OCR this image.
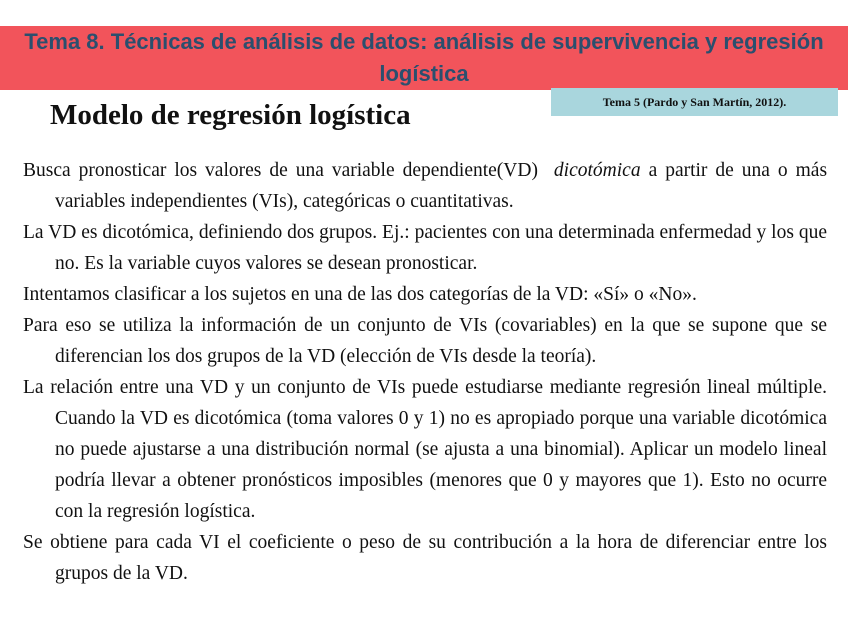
Tema 8. Técnicas de análisis de datos: análisis de supervivencia y regresión logística
Tema 5 (Pardo y San Martín, 2012).
Modelo de regresión logística

Busca pronosticar los valores de una variable dependiente(VD) dicotómica a partir de una o más variables independientes (VIs), categóricas o cuantitativas.

La VD es dicotómica, definiendo dos grupos. Ej.: pacientes con una determinada enfermedad y los que no. Es la variable cuyos valores se desean pronosticar.

Intentamos clasificar a los sujetos en una de las dos categorías de la VD: «Sí» o «No».

Para eso se utiliza la información de un conjunto de VIs (covariables) en la que se supone que se diferencian los dos grupos de la VD (elección de VIs desde la teoría).

La relación entre una VD y un conjunto de VIs puede estudiarse mediante regresión lineal múltiple. Cuando la VD es dicotómica (toma valores 0 y 1) no es apropiado porque una variable dicotómica no puede ajustarse a una distribución normal (se ajusta a una binomial). Aplicar un modelo lineal podría llevar a obtener pronósticos imposibles (menores que 0 y mayores que 1). Esto no ocurre con la regresión logística.

Se obtiene para cada VI el coeficiente o peso de su contribución a la hora de diferenciar entre los grupos de la VD.
